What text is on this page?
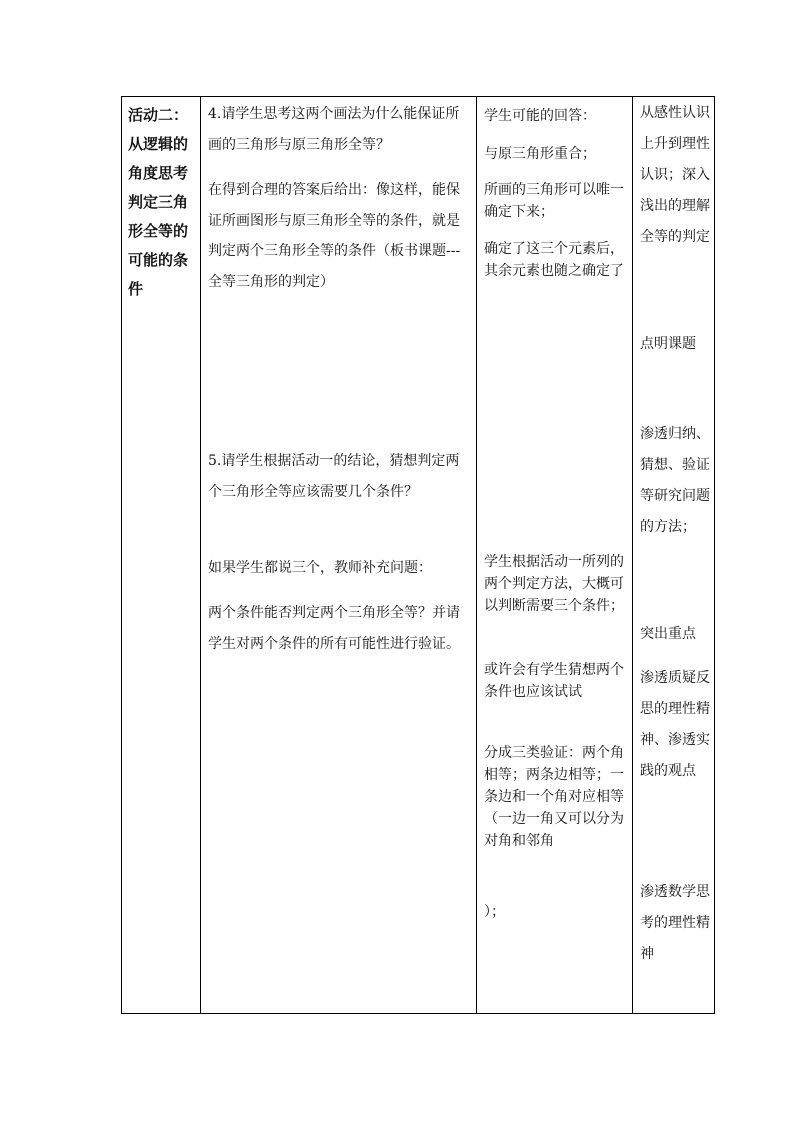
活动二：

从逻辑的

角度思考

判定三角

形全等的

可能的条

件

4.请学生思考这两个画法为什么能保证所画的三角形与原三角形全等？

在得到合理的答案后给出：像这样，能保证所画图形与原三角形全等的条件，就是判定两个三角形全等的条件（板书课题---全等三角形的判定）

5.请学生根据活动一的结论，猜想判定两个三角形全等应该需要几个条件？

如果学生都说三个，教师补充问题：

两个条件能否判定两个三角形全等？并请学生对两个条件的所有可能性进行验证。

学生可能的回答：

与原三角形重合；

所画的三角形可以唯一确定下来；

确定了这三个元素后，其余元素也随之确定了

学生根据活动一所列的两个判定方法，大概可以判断需要三个条件；

或许会有学生猜想两个条件也应该试试

分成三类验证：两个角相等；两条边相等；一条边和一个角对应相等（一边一角又可以分为对角和邻角

）；

从感性认识上升到理性认识；深入浅出的理解全等的判定

点明课题

渗透归纳、猜想、验证等研究问题的方法；

突出重点

渗透质疑反思的理性精神、渗透实践的观点

渗透数学思考的理性精神
